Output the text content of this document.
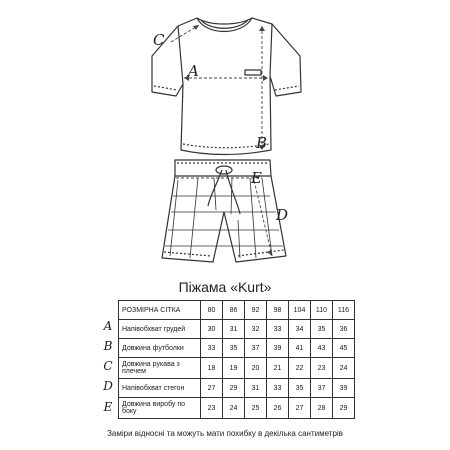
C
A
B
E
D
Піжама «Kurt»
A
B
C
D
E
РОЗМІРНА СІТКА	80	86	92	98	104	110	116
Напівобхват грудей	30	31	32	33	34	35	36
Довжина футболки	33	35	37	39	41	43	45
Довжина рукава з плечем	18	19	20	21	22	23	24
Напівобхват стегон	27	29	31	33	35	37	39
Довжина виробу по боку	23	24	25	26	27	28	29
Заміри відносні та можуть мати похибку в декілька сантиметрів
